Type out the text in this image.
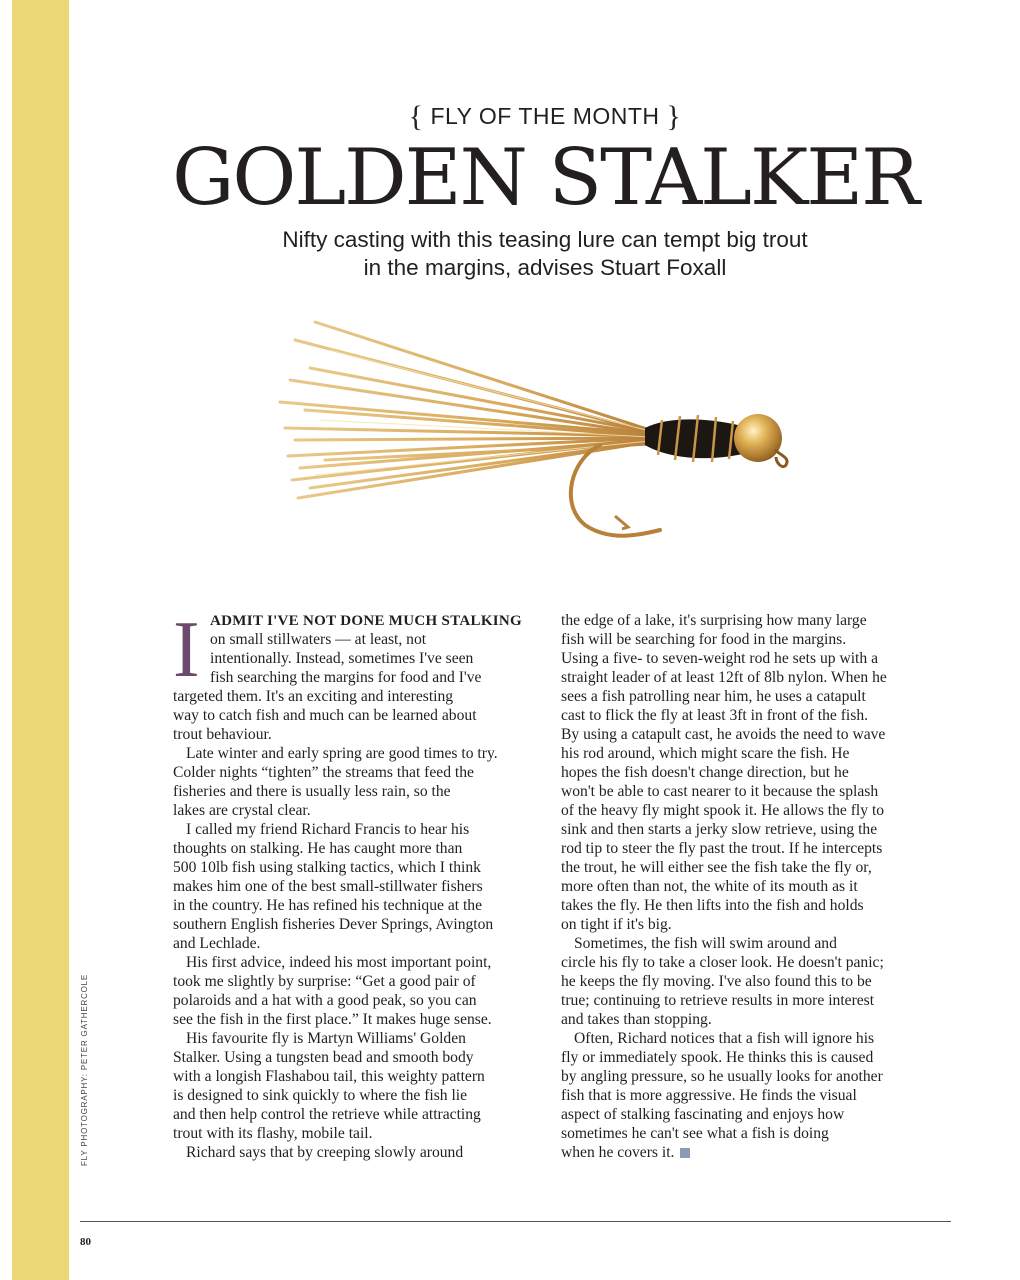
{ FLY OF THE MONTH }
GOLDEN STALKER
Nifty casting with this teasing lure can tempt big trout
in the margins, advises Stuart Foxall
I ADMIT I'VE NOT DONE MUCH STALKING
on small stillwaters — at least, not
intentionally. Instead, sometimes I've seen
fish searching the margins for food and I've
targeted them. It's an exciting and interesting
way to catch fish and much can be learned about
trout behaviour.
Late winter and early spring are good times to try.
Colder nights “tighten” the streams that feed the
fisheries and there is usually less rain, so the
lakes are crystal clear.
I called my friend Richard Francis to hear his
thoughts on stalking. He has caught more than
500 10lb fish using stalking tactics, which I think
makes him one of the best small-stillwater fishers
in the country. He has refined his technique at the
southern English fisheries Dever Springs, Avington
and Lechlade.
His first advice, indeed his most important point,
took me slightly by surprise: “Get a good pair of
polaroids and a hat with a good peak, so you can
see the fish in the first place.” It makes huge sense.
His favourite fly is Martyn Williams' Golden
Stalker. Using a tungsten bead and smooth body
with a longish Flashabou tail, this weighty pattern
is designed to sink quickly to where the fish lie
and then help control the retrieve while attracting
trout with its flashy, mobile tail.
Richard says that by creeping slowly around
the edge of a lake, it's surprising how many large
fish will be searching for food in the margins.
Using a five- to seven-weight rod he sets up with a
straight leader of at least 12ft of 8lb nylon. When he
sees a fish patrolling near him, he uses a catapult
cast to flick the fly at least 3ft in front of the fish.
By using a catapult cast, he avoids the need to wave
his rod around, which might scare the fish. He
hopes the fish doesn't change direction, but he
won't be able to cast nearer to it because the splash
of the heavy fly might spook it. He allows the fly to
sink and then starts a jerky slow retrieve, using the
rod tip to steer the fly past the trout. If he intercepts
the trout, he will either see the fish take the fly or,
more often than not, the white of its mouth as it
takes the fly. He then lifts into the fish and holds
on tight if it's big.
Sometimes, the fish will swim around and
circle his fly to take a closer look. He doesn't panic;
he keeps the fly moving. I've also found this to be
true; continuing to retrieve results in more interest
and takes than stopping.
Often, Richard notices that a fish will ignore his
fly or immediately spook. He thinks this is caused
by angling pressure, so he usually looks for another
fish that is more aggressive. He finds the visual
aspect of stalking fascinating and enjoys how
sometimes he can't see what a fish is doing
when he covers it.
FLY PHOTOGRAPHY: PETER GATHERCOLE
80
